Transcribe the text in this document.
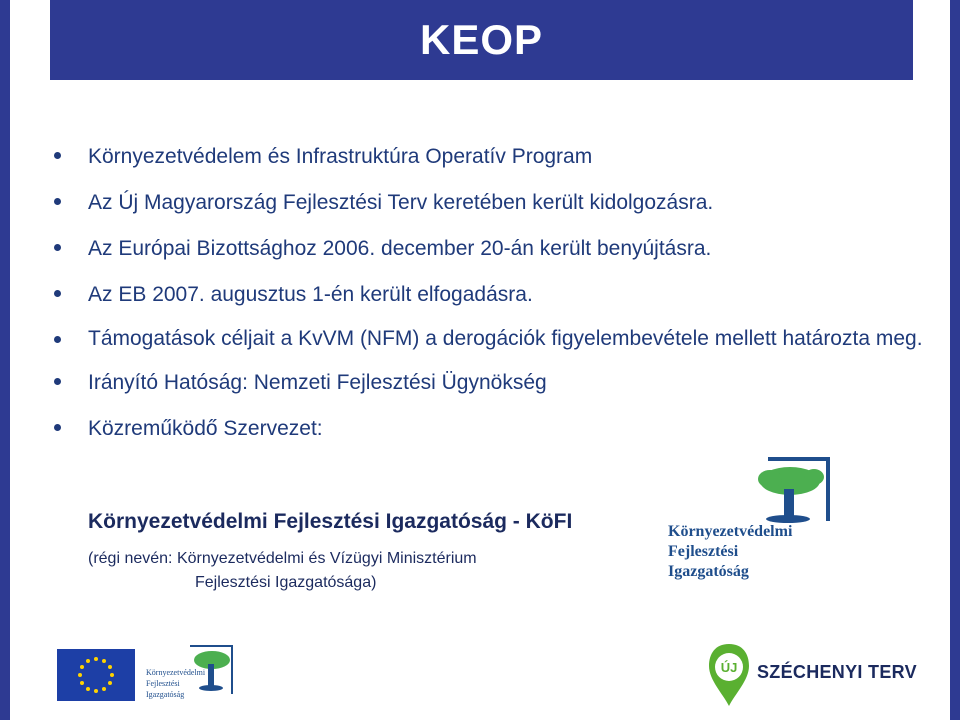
KEOP
Környezetvédelem és Infrastruktúra Operatív Program
Az Új Magyarország Fejlesztési Terv keretében került kidolgozásra.
Az Európai Bizottsághoz 2006. december 20-án került benyújtásra.
Az EB 2007. augusztus 1-én került elfogadásra.
Támogatások céljait a KvVM (NFM) a derogációk figyelembevétele mellett határozta meg.
Irányító Hatóság: Nemzeti Fejlesztési Ügynökség
Közreműködő Szervezet:
Környezetvédelmi Fejlesztési Igazgatóság - KöFI
(régi nevén: Környezetvédelmi és Vízügyi Minisztérium
Fejlesztési Igazgatósága)
Környezetvédelmi
Fejlesztési
Igazgatóság
Környezetvédelmi
Fejlesztési
Igazgatóság
ÚJ SZÉCHENYI TERV
